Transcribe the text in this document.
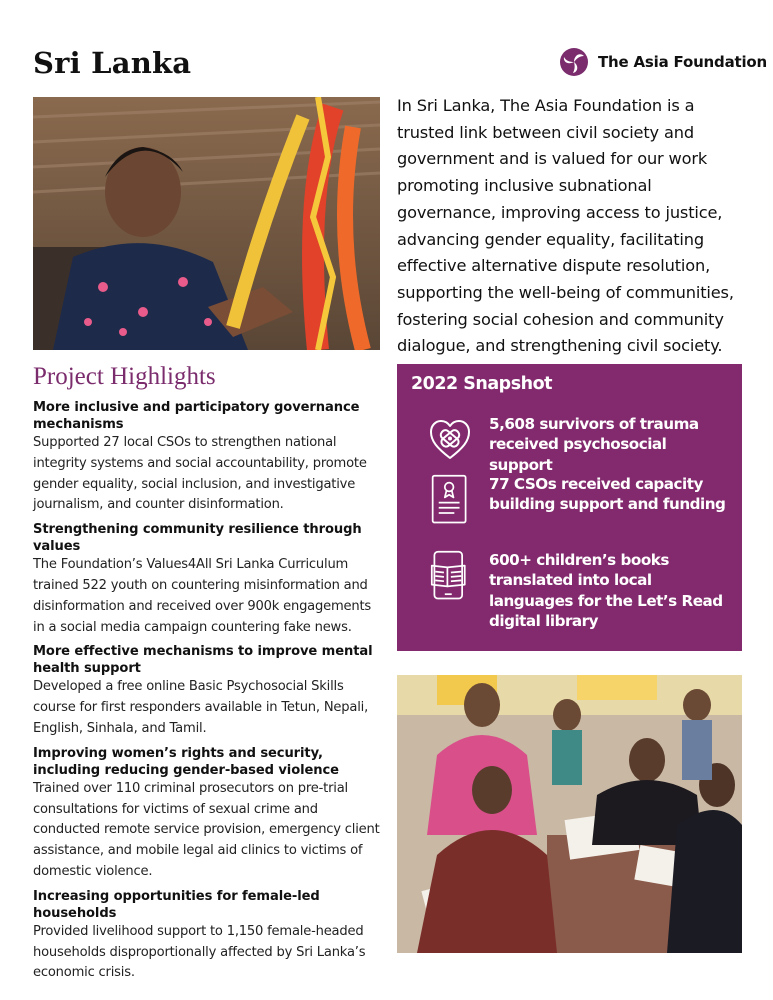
Sri Lanka	The Asia Foundation

In Sri Lanka, The Asia Foundation is a trusted link between civil society and government and is valued for our work promoting inclusive subnational governance, improving access to justice, advancing gender equality, facilitating effective alternative dispute resolution, supporting the well-being of communities, fostering social cohesion and community dialogue, and strengthening civil society.

Project Highlights
More inclusive and participatory governance mechanisms
Supported 27 local CSOs to strengthen national integrity systems and social accountability, promote gender equality, social inclusion, and investigative journalism, and counter disinformation.
Strengthening community resilience through values
The Foundation’s Values4All Sri Lanka Curriculum trained 522 youth on countering misinformation and disinformation and received over 900k engagements in a social media campaign countering fake news.
More effective mechanisms to improve mental health support
Developed a free online Basic Psychosocial Skills course for first responders available in Tetun, Nepali, English, Sinhala, and Tamil.
Improving women’s rights and security, including reducing gender-based violence
Trained over 110 criminal prosecutors on pre-trial consultations for victims of sexual crime and conducted remote service provision, emergency client assistance, and mobile legal aid clinics to victims of domestic violence.
Increasing opportunities for female-led households
Provided livelihood support to 1,150 female-headed households disproportionally affected by Sri Lanka’s economic crisis.
2022 Snapshot
5,608 survivors of trauma received psychosocial support
77 CSOs received capacity building support and funding
600+ children’s books translated into local languages for the Let’s Read digital library
